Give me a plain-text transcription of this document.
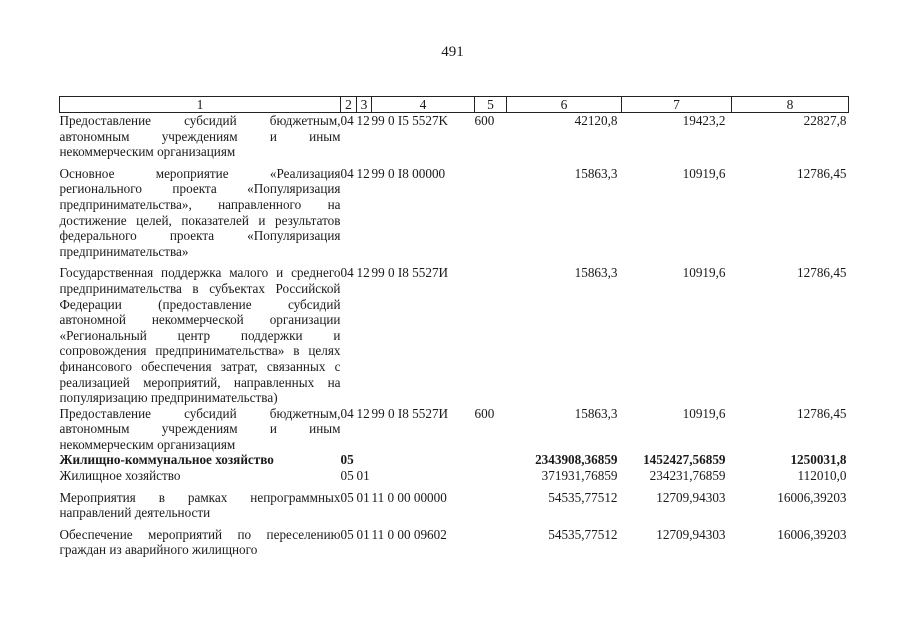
491
1	2	3	4	5	6	7	8
Предоставление субсидий бюджетным, автономным учреждениям и иным некоммерческим организациям	04	12	99 0 I5 5527K	600	42120,8	19423,2	22827,8
Основное мероприятие «Реализация регионального проекта «Популяризация предпринимательства», направленного на достижение целей, показателей и результатов федерального проекта «Популяризация предпринимательства»	04	12	99 0 I8 00000		15863,3	10919,6	12786,45
Государственная поддержка малого и среднего предпринимательства в субъектах Российской Федерации (предоставление субсидий автономной некоммерческой организации «Региональный центр поддержки и сопровождения предпринимательства» в целях финансового обеспечения затрат, связанных с реализацией мероприятий, направленных на популяризацию предпринимательства)	04	12	99 0 I8 5527И		15863,3	10919,6	12786,45
Предоставление субсидий бюджетным, автономным учреждениям и иным некоммерческим организациям	04	12	99 0 I8 5527И	600	15863,3	10919,6	12786,45
Жилищно-коммунальное хозяйство	05				2343908,36859	1452427,56859	1250031,8
Жилищное хозяйство	05	01			371931,76859	234231,76859	112010,0
Мероприятия в рамках непрограммных направлений деятельности	05	01	11 0 00 00000		54535,77512	12709,94303	16006,39203
Обеспечение мероприятий по переселению граждан из аварийного жилищного	05	01	11 0 00 09602		54535,77512	12709,94303	16006,39203
